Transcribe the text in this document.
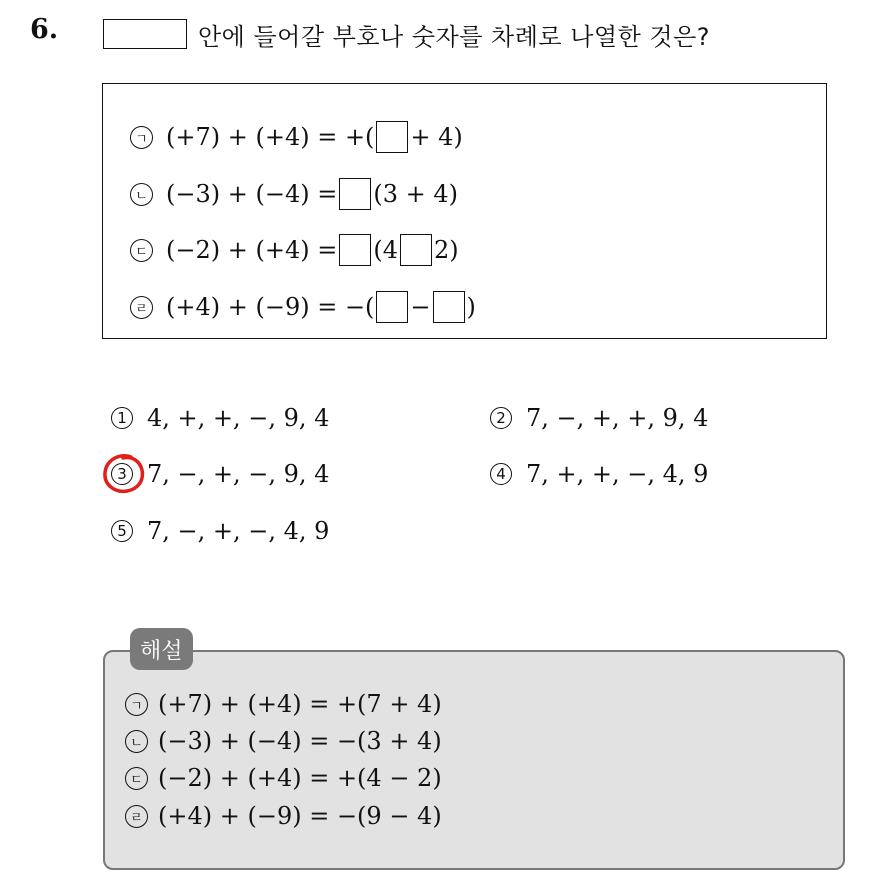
6.	안에 들어갈 부호나 숫자를 차례로 나열한 것은?
ㄱ (+7) + (+4) = +( + 4)
ㄴ (−3) + (−4) = (3 + 4)
ㄷ (−2) + (+4) = (4 2)
ㄹ (+4) + (−9) = −( − )
1 4, +, +, −, 9, 4	2 7, −, +, +, 9, 4
3 7, −, +, −, 9, 4	4 7, +, +, −, 4, 9
5 7, −, +, −, 4, 9
해설
ㄱ (+7) + (+4) = +(7 + 4)
ㄴ (−3) + (−4) = −(3 + 4)
ㄷ (−2) + (+4) = +(4 − 2)
ㄹ (+4) + (−9) = −(9 − 4)
